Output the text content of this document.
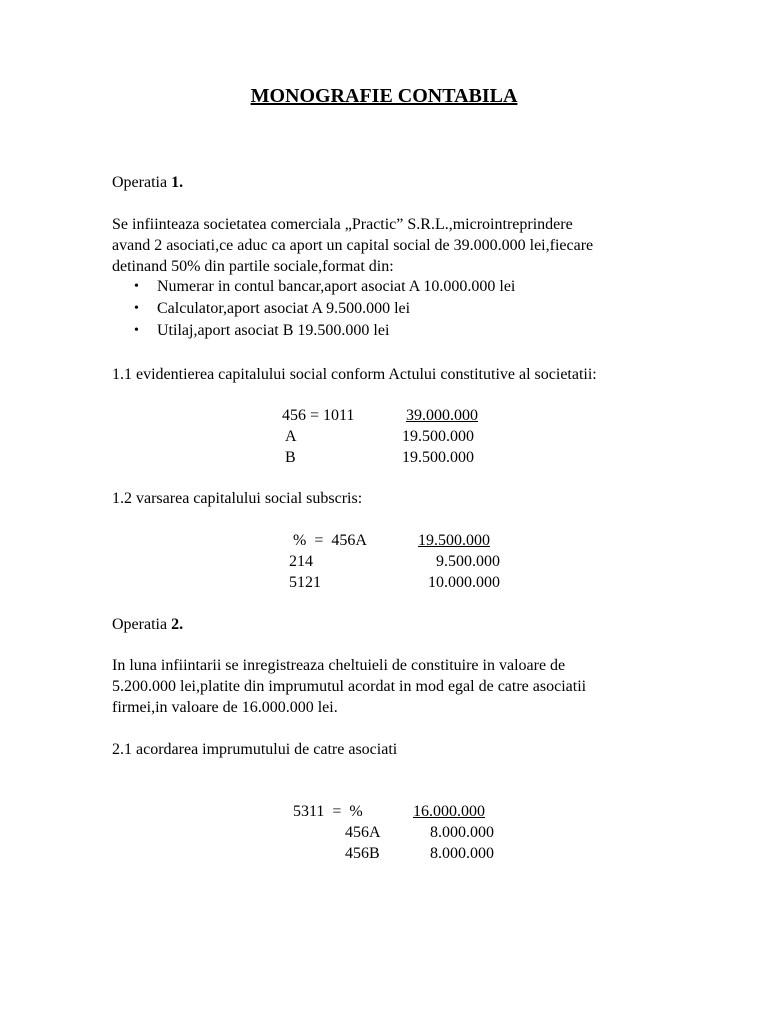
MONOGRAFIE CONTABILA
Operatia 1.
Se infiinteaza societatea comerciala „Practic” S.R.L.,microintreprindere
avand 2 asociati,ce aduc ca aport un capital social de 39.000.000 lei,fiecare
detinand 50% din partile sociale,format din:
• Numerar in contul bancar,aport asociat A 10.000.000 lei
• Calculator,aport asociat A 9.500.000 lei
• Utilaj,aport asociat B 19.500.000 lei
1.1 evidentierea capitalului social conform Actului constitutive al societatii:
456 = 1011	39.000.000
A	19.500.000
B	19.500.000
1.2 varsarea capitalului social subscris:
%  =  456A	19.500.000
214	9.500.000
5121	10.000.000
Operatia 2.
In luna infiintarii se inregistreaza cheltuieli de constituire in valoare de
5.200.000 lei,platite din imprumutul acordat in mod egal de catre asociatii
firmei,in valoare de 16.000.000 lei.
2.1 acordarea imprumutului de catre asociati
5311  =  %	16.000.000
456A	8.000.000
456B	8.000.000
